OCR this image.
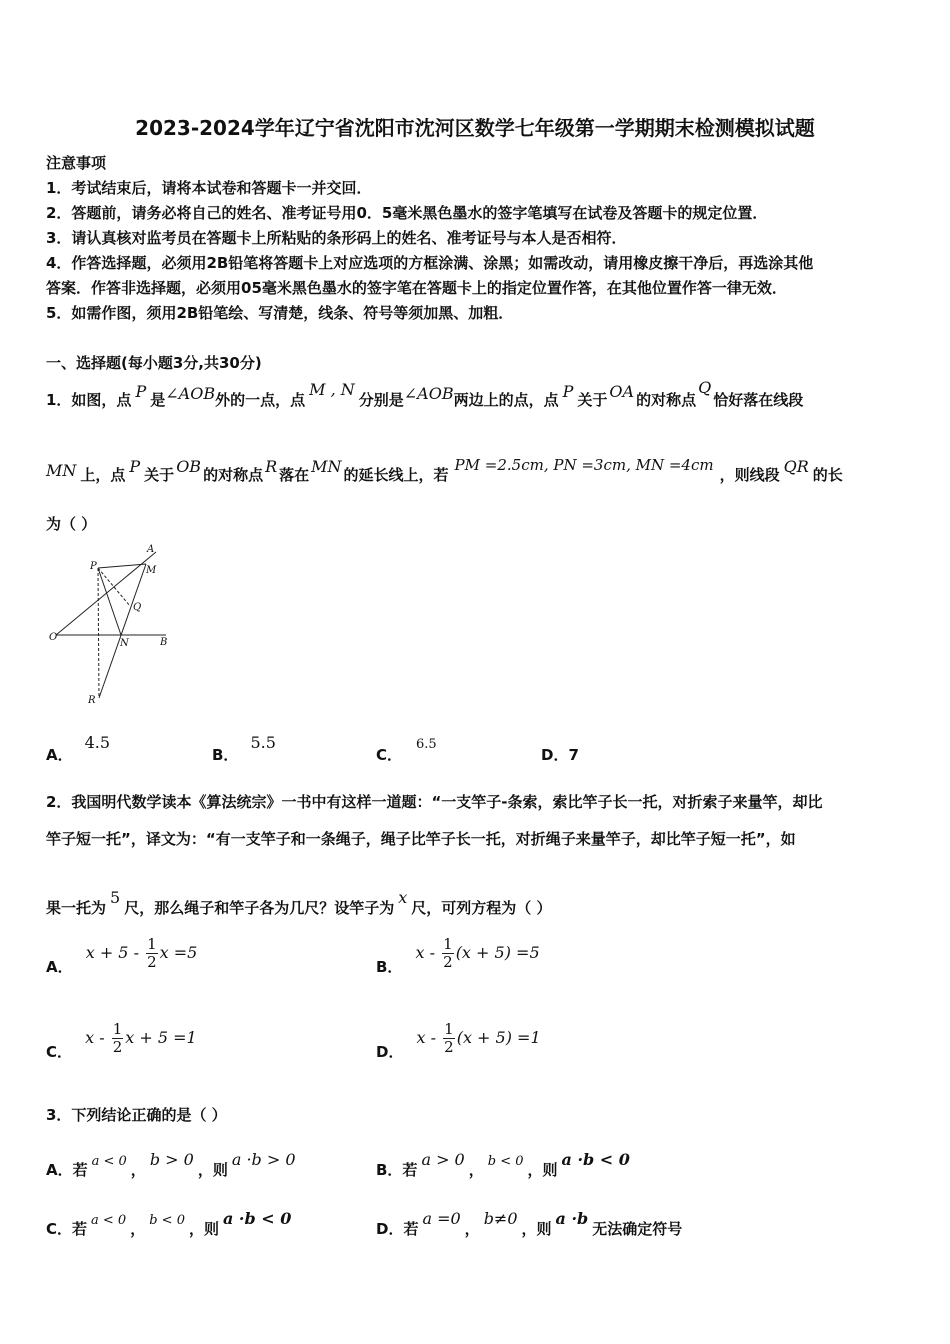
2023-2024学年辽宁省沈阳市沈河区数学七年级第一学期期末检测模拟试题
注意事项
1．考试结束后，请将本试卷和答题卡一并交回．
2．答题前，请务必将自己的姓名、准考证号用0．5毫米黑色墨水的签字笔填写在试卷及答题卡的规定位置．
3．请认真核对监考员在答题卡上所粘贴的条形码上的姓名、准考证号与本人是否相符．
4．作答选择题，必须用2B铅笔将答题卡上对应选项的方框涂满、涂黑；如需改动，请用橡皮擦干净后，再选涂其他
答案．作答非选择题，必须用05毫米黑色墨水的签字笔在答题卡上的指定位置作答，在其他位置作答一律无效．
5．如需作图，须用2B铅笔绘、写清楚，线条、符号等须加黑、加粗．
一、选择题(每小题3分,共30分)
1．如图，点 P 是∠AOB外的一点，点M , N分别是∠AOB两边上的点，点 P 关于 OA 的对称点Q恰好落在线段
MN 上，点 P 关于 OB 的对称点 R 落在 MN 的延长线上，若PM =2.5cm, PN =3cm, MN =4cm，则线段 QR 的长
为（ ）
P
A
M
Q
O
N	B
R
A．4.5
B．5.5
C．6.5
D．7
2．我国明代数学读本《算法统宗》一书中有这样一道题：“一支竿子-条索，索比竿子长一托，对折索子来量竿，却比
竿子短一托”，译文为：“有一支竿子和一条绳子，绳子比竿子长一托，对折绳子来量竿子，却比竿子短一托”，如
果一托为5尺，那么绳子和竿子各为几尺？设竿子为x尺，可列方程为（ ）
A． $x + 5 - \frac{1}{2}$ x =5
B． $x - \frac{1}{2} (x + 5) =5$
C． x - $\frac{1}{2}$ x + 5 =1
D． $x - \frac{1}{2} (x + 5) =1$
3．下列结论正确的是（ ）
A．若 a < 0 ，b > 0，则a ·b > 0
B．若a > 0， b < 0 ，则a ·b < 0
C．若 a < 0 ， b < 0 ，则a ·b < 0
D．若a =0，b≠0，则a ·b无法确定符号
